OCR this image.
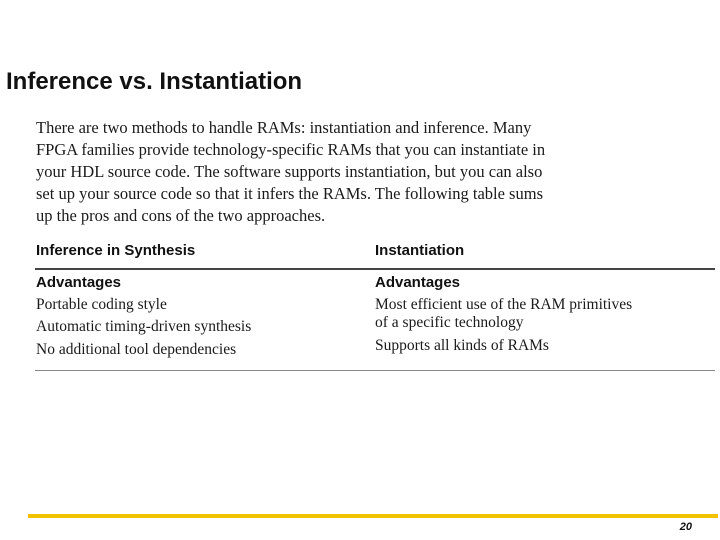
Inference vs. Instantiation
There are two methods to handle RAMs: instantiation and inference. Many
FPGA families provide technology-specific RAMs that you can instantiate in
your HDL source code. The software supports instantiation, but you can also
set up your source code so that it infers the RAMs. The following table sums
up the pros and cons of the two approaches.
Inference in Synthesis	Instantiation
Advantages
Portable coding style
Automatic timing-driven synthesis
No additional tool dependencies
Advantages
Most efficient use of the RAM primitives
of a specific technology
Supports all kinds of RAMs
20
